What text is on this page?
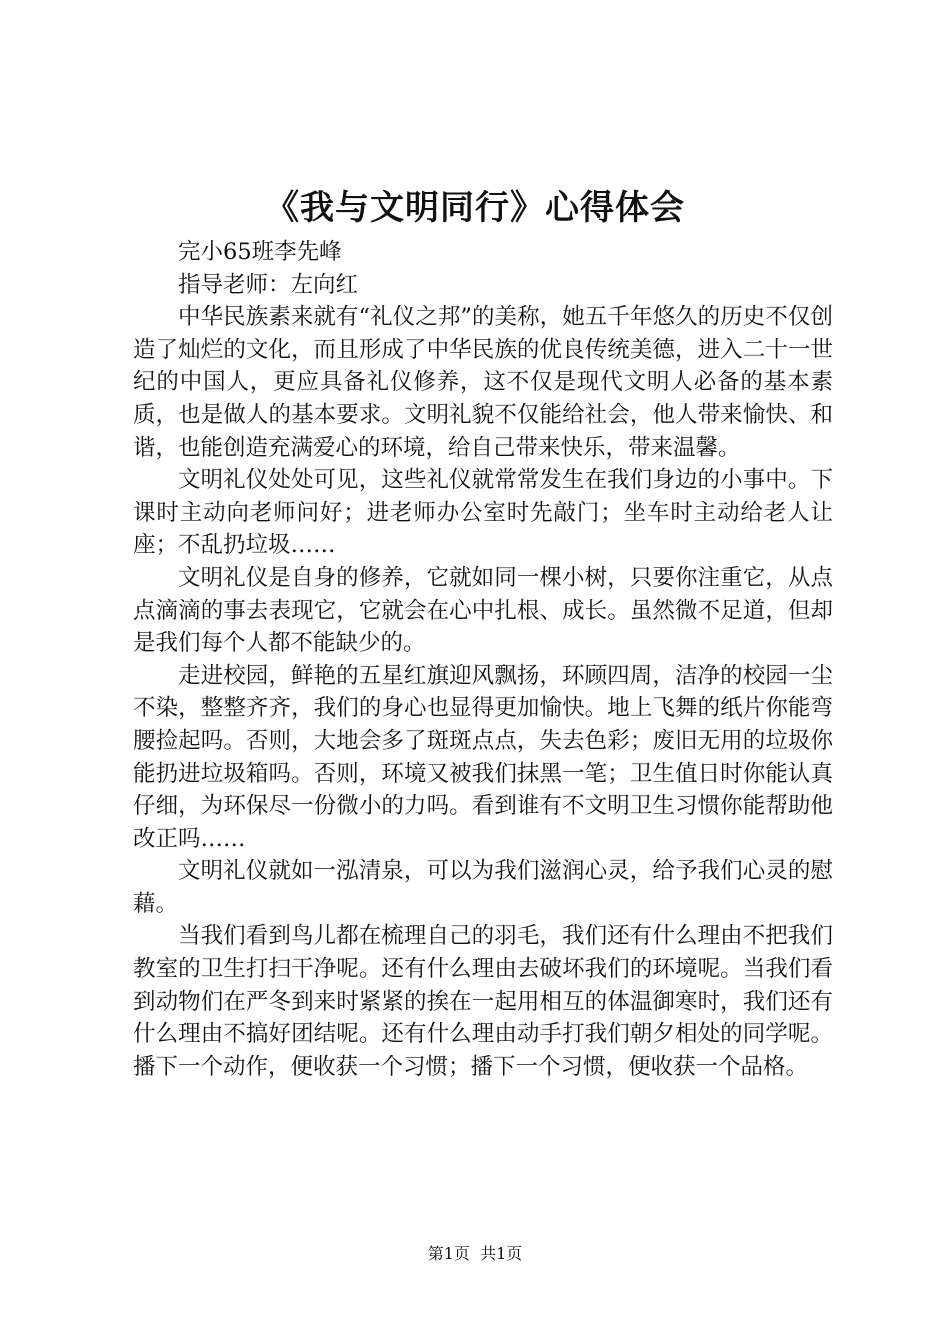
《我与文明同行》心得体会

完小65班李先峰

指导老师：左向红

中华民族素来就有“礼仪之邦”的美称，她五千年悠久的历史不仅创造了灿烂的文化，而且形成了中华民族的优良传统美德，进入二十一世纪的中国人，更应具备礼仪修养，这不仅是现代文明人必备的基本素质，也是做人的基本要求。文明礼貌不仅能给社会，他人带来愉快、和谐，也能创造充满爱心的环境，给自己带来快乐，带来温馨。

文明礼仪处处可见，这些礼仪就常常发生在我们身边的小事中。下课时主动向老师问好；进老师办公室时先敲门；坐车时主动给老人让座；不乱扔垃圾……

文明礼仪是自身的修养，它就如同一棵小树，只要你注重它，从点点滴滴的事去表现它，它就会在心中扎根、成长。虽然微不足道，但却是我们每个人都不能缺少的。

走进校园，鲜艳的五星红旗迎风飘扬，环顾四周，洁净的校园一尘不染，整整齐齐，我们的身心也显得更加愉快。地上飞舞的纸片你能弯腰捡起吗。否则，大地会多了斑斑点点，失去色彩；废旧无用的垃圾你能扔进垃圾箱吗。否则，环境又被我们抹黑一笔；卫生值日时你能认真仔细，为环保尽一份微小的力吗。看到谁有不文明卫生习惯你能帮助他改正吗……

文明礼仪就如一泓清泉，可以为我们滋润心灵，给予我们心灵的慰藉。

当我们看到鸟儿都在梳理自己的羽毛，我们还有什么理由不把我们教室的卫生打扫干净呢。还有什么理由去破坏我们的环境呢。当我们看到动物们在严冬到来时紧紧的挨在一起用相互的体温御寒时，我们还有什么理由不搞好团结呢。还有什么理由动手打我们朝夕相处的同学呢。播下一个动作，便收获一个习惯；播下一个习惯，便收获一个品格。

第1页  共1页
